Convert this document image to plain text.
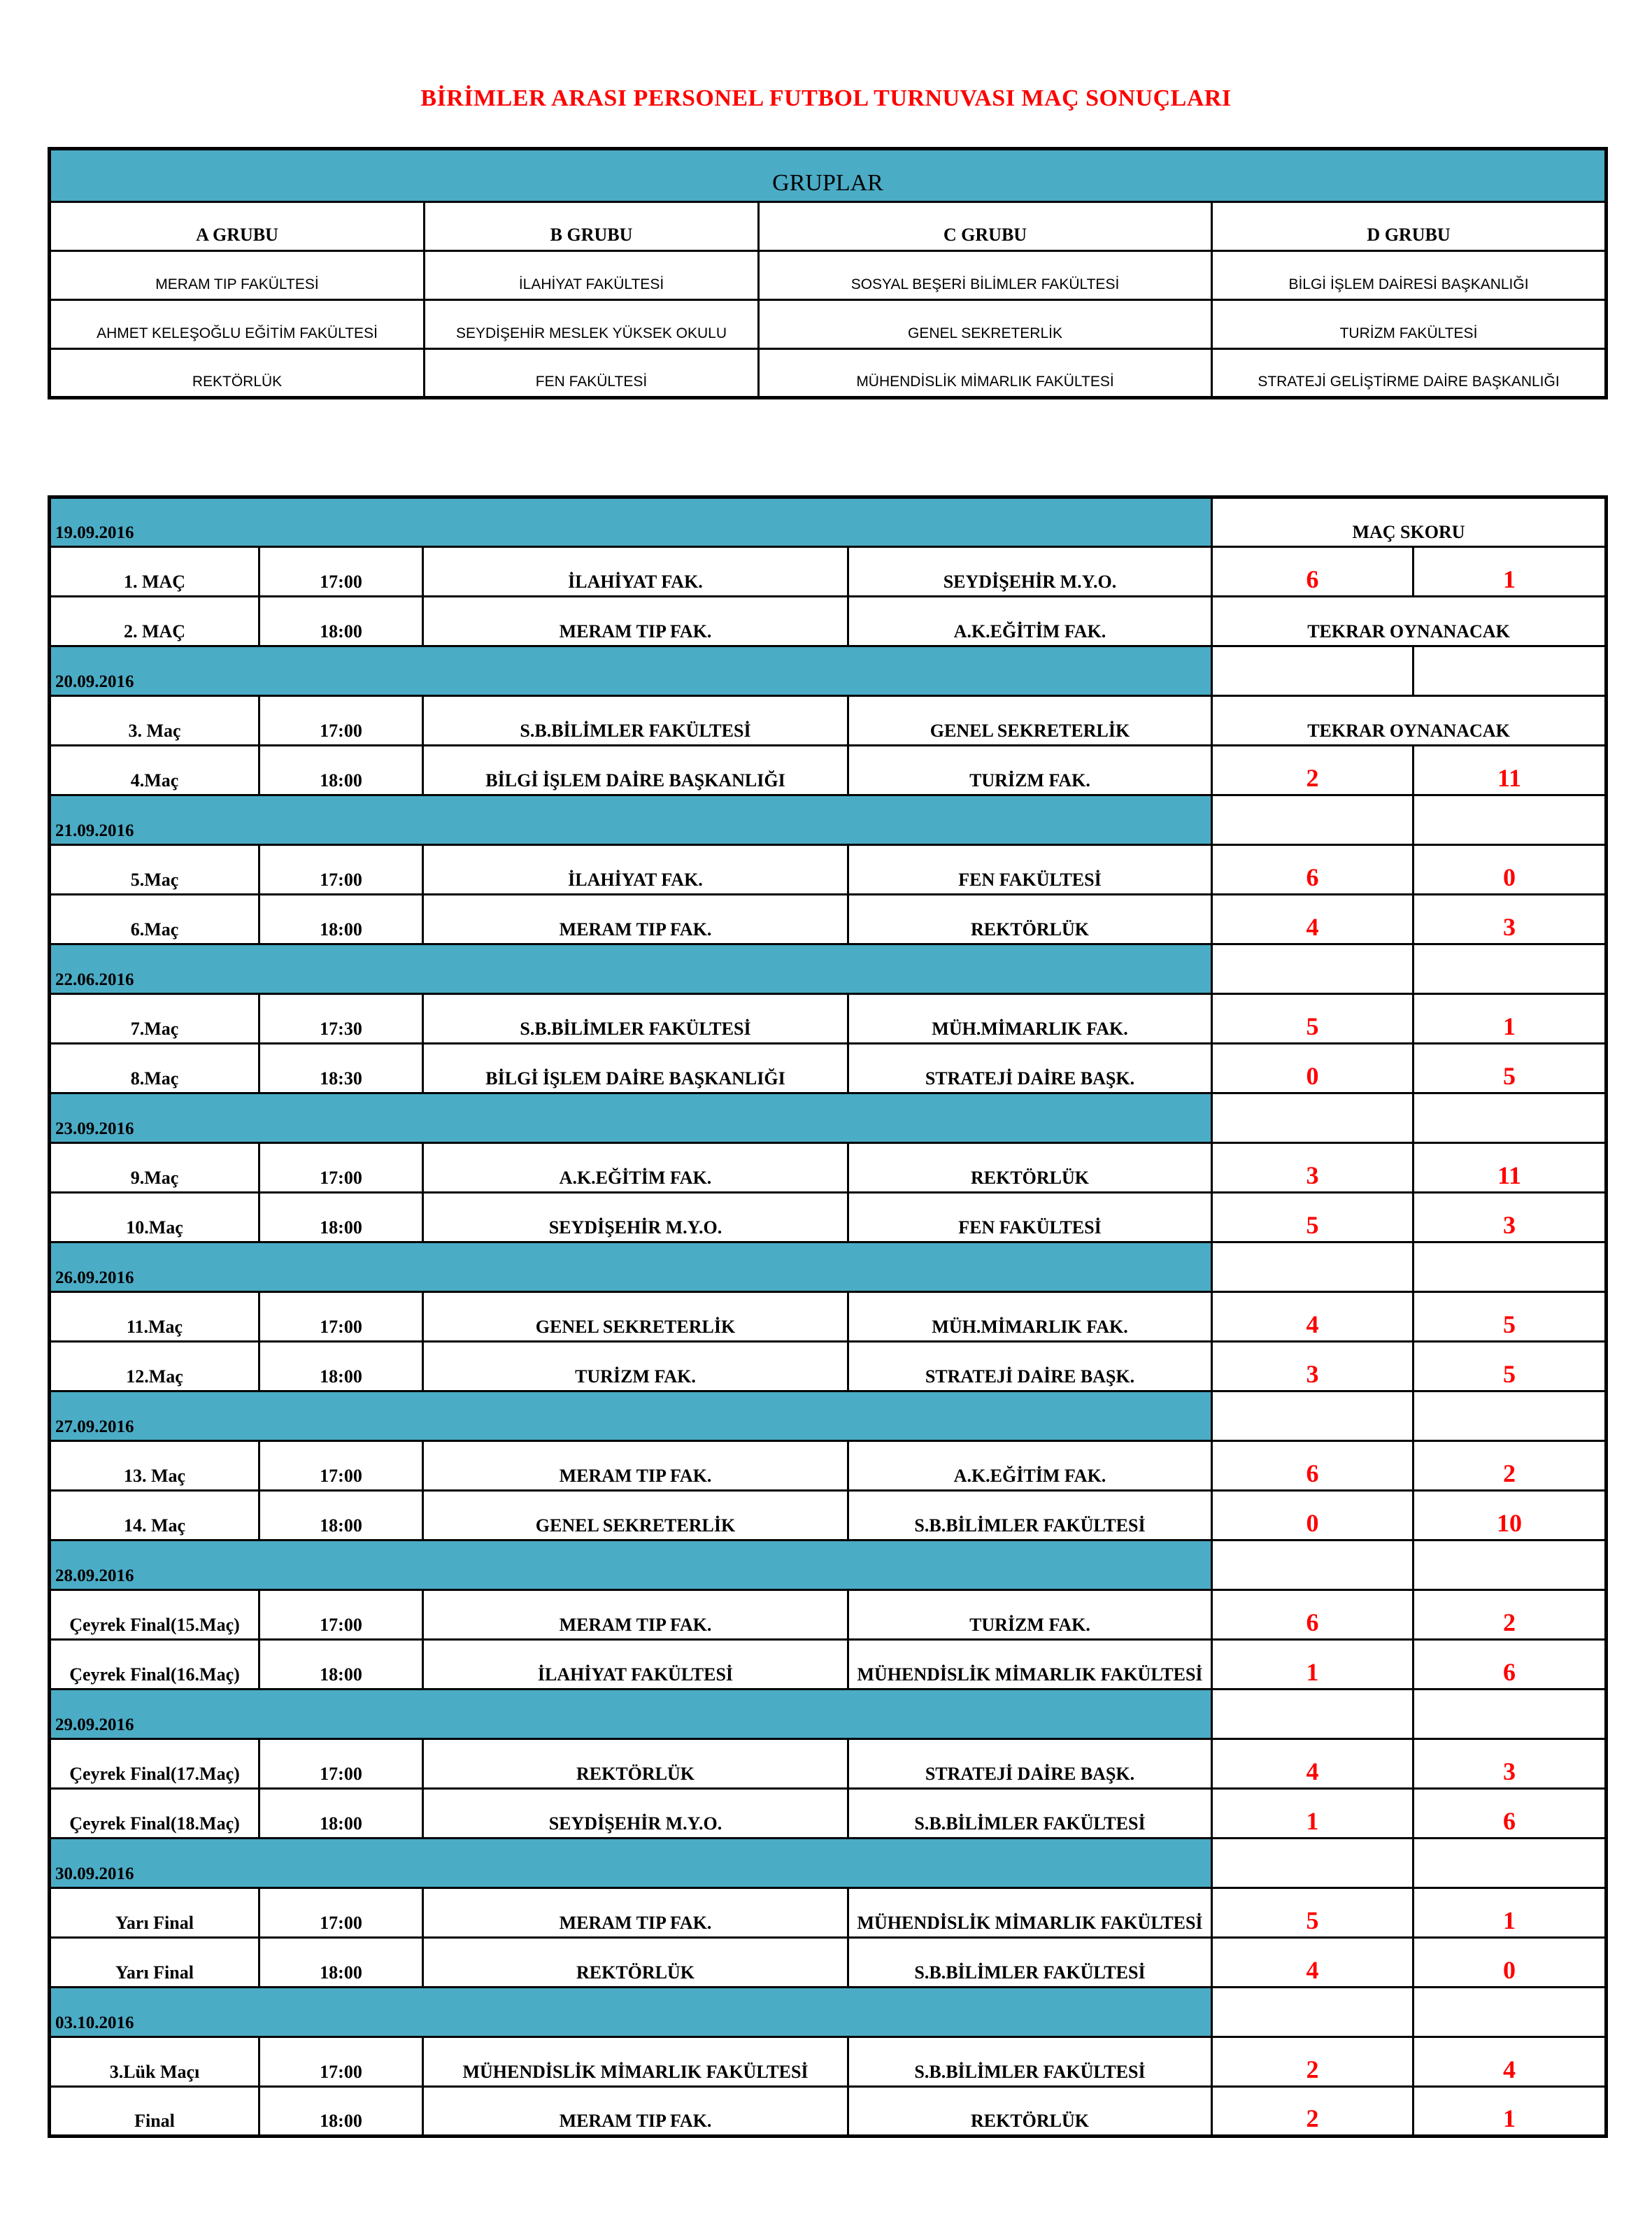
BİRİMLER ARASI PERSONEL FUTBOL TURNUVASI MAÇ SONUÇLARI
GRUPLAR			
A GRUBU	B GRUBU	C GRUBU	D GRUBU
MERAM TIP FAKÜLTESİ	İLAHİYAT FAKÜLTESİ	SOSYAL BEŞERİ BİLİMLER FAKÜLTESİ	BİLGİ İŞLEM DAİRESİ BAŞKANLIĞI
AHMET KELEŞOĞLU EĞİTİM FAKÜLTESİ	SEYDİŞEHİR MESLEK YÜKSEK OKULU	GENEL SEKRETERLİK	TURİZM FAKÜLTESİ
REKTÖRLÜK	FEN FAKÜLTESİ	MÜHENDİSLİK MİMARLIK FAKÜLTESİ	STRATEJİ GELİŞTİRME DAİRE BAŞKANLIĞI
19.09.2016				MAÇ SKORU	
1. MAÇ	17:00	İLAHİYAT FAK.	SEYDİŞEHİR M.Y.O.	6	1
2. MAÇ	18:00	MERAM TIP FAK.	A.K.EĞİTİM FAK.	TEKRAR OYNANACAK	
20.09.2016					
3. Maç	17:00	S.B.BİLİMLER FAKÜLTESİ	GENEL SEKRETERLİK	TEKRAR OYNANACAK	
4.Maç	18:00	BİLGİ İŞLEM DAİRE BAŞKANLIĞI	TURİZM FAK.	2	11
21.09.2016					
5.Maç	17:00	İLAHİYAT FAK.	FEN FAKÜLTESİ	6	0
6.Maç	18:00	MERAM TIP FAK.	REKTÖRLÜK	4	3
22.06.2016					
7.Maç	17:30	S.B.BİLİMLER FAKÜLTESİ	MÜH.MİMARLIK FAK.	5	1
8.Maç	18:30	BİLGİ İŞLEM DAİRE BAŞKANLIĞI	STRATEJİ DAİRE BAŞK.	0	5
23.09.2016					
9.Maç	17:00	A.K.EĞİTİM FAK.	REKTÖRLÜK	3	11
10.Maç	18:00	SEYDİŞEHİR M.Y.O.	FEN FAKÜLTESİ	5	3
26.09.2016					
11.Maç	17:00	GENEL SEKRETERLİK	MÜH.MİMARLIK FAK.	4	5
12.Maç	18:00	TURİZM FAK.	STRATEJİ DAİRE BAŞK.	3	5
27.09.2016					
13. Maç	17:00	MERAM TIP FAK.	A.K.EĞİTİM FAK.	6	2
14. Maç	18:00	GENEL SEKRETERLİK	S.B.BİLİMLER FAKÜLTESİ	0	10
28.09.2016					
Çeyrek Final(15.Maç)	17:00	MERAM TIP FAK.	TURİZM FAK.	6	2
Çeyrek Final(16.Maç)	18:00	İLAHİYAT FAKÜLTESİ	MÜHENDİSLİK MİMARLIK FAKÜLTESİ	1	6
29.09.2016					
Çeyrek Final(17.Maç)	17:00	REKTÖRLÜK	STRATEJİ DAİRE BAŞK.	4	3
Çeyrek Final(18.Maç)	18:00	SEYDİŞEHİR M.Y.O.	S.B.BİLİMLER FAKÜLTESİ	1	6
30.09.2016					
Yarı Final	17:00	MERAM TIP FAK.	MÜHENDİSLİK MİMARLIK FAKÜLTESİ	5	1
Yarı Final	18:00	REKTÖRLÜK	S.B.BİLİMLER FAKÜLTESİ	4	0
03.10.2016					
3.Lük Maçı	17:00	MÜHENDİSLİK MİMARLIK FAKÜLTESİ	S.B.BİLİMLER FAKÜLTESİ	2	4
Final	18:00	MERAM TIP FAK.	REKTÖRLÜK	2	1
